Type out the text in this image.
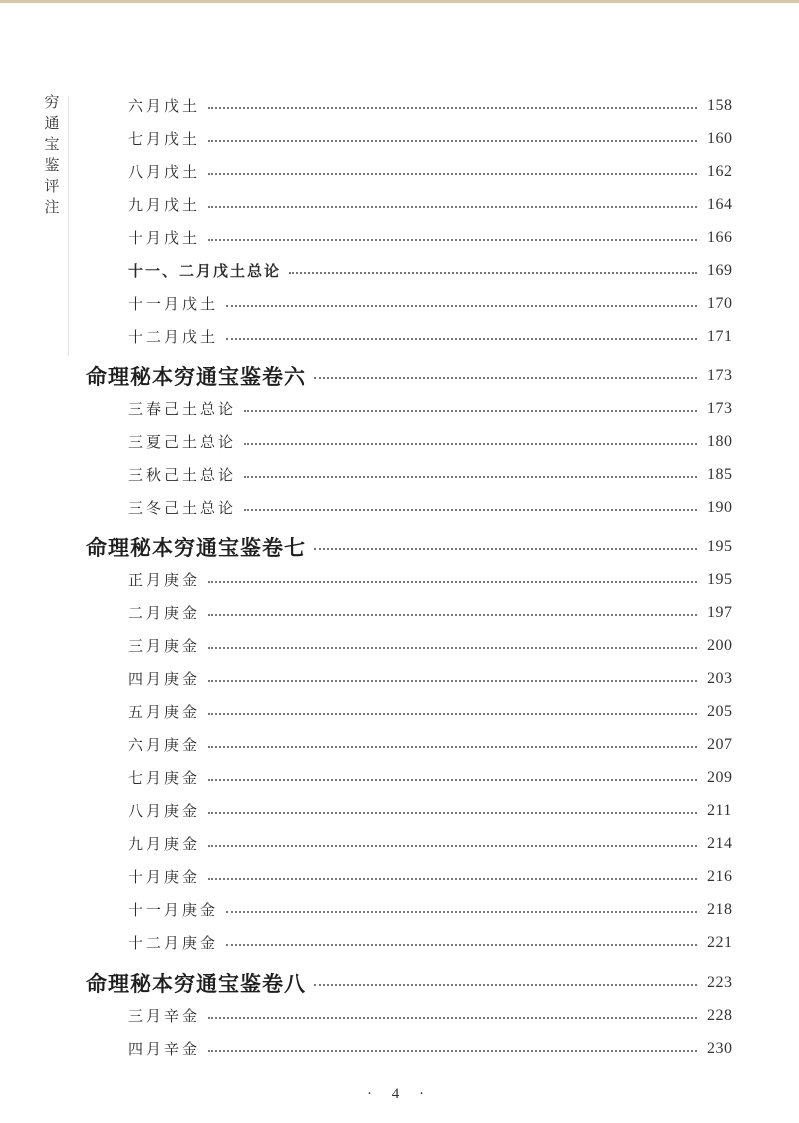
穷通宝鉴评注
六月戊土	158
七月戊土	160
八月戊土	162
九月戊土	164
十月戊土	166
十一、二月戊土总论	169
十一月戊土	170
十二月戊土	171
命理秘本穷通宝鉴卷六	173
三春己土总论	173
三夏己土总论	180
三秋己土总论	185
三冬己土总论	190
命理秘本穷通宝鉴卷七	195
正月庚金	195
二月庚金	197
三月庚金	200
四月庚金	203
五月庚金	205
六月庚金	207
七月庚金	209
八月庚金	211
九月庚金	214
十月庚金	216
十一月庚金	218
十二月庚金	221
命理秘本穷通宝鉴卷八	223
三月辛金	228
四月辛金	230
· 4 ·
